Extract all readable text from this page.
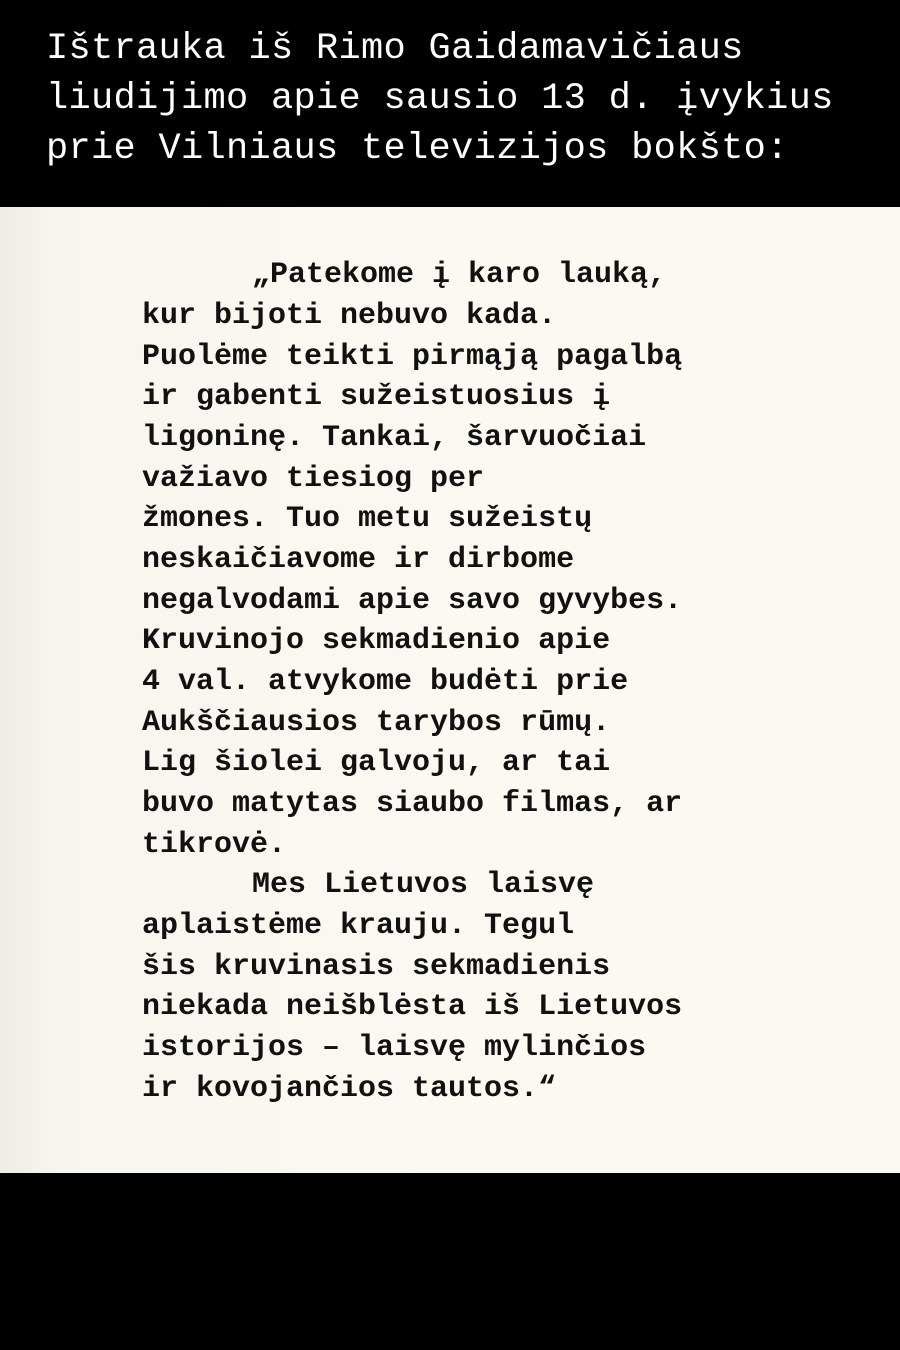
Ištrauka iš Rimo Gaidamavičiaus
liudijimo apie sausio 13 d. įvykius
prie Vilniaus televizijos bokšto:
„Patekome į karo lauką,
kur bijoti nebuvo kada.
Puolėme teikti pirmąją pagalbą
ir gabenti sužeistuosius į
ligoninę. Tankai, šarvuočiai
važiavo tiesiog per
žmones. Tuo metu sužeistų
neskaičiavome ir dirbome
negalvodami apie savo gyvybes.
Kruvinojo sekmadienio apie
4 val. atvykome budėti prie
Aukščiausios tarybos rūmų.
Lig šiolei galvoju, ar tai
buvo matytas siaubo filmas, ar
tikrovė.
Mes Lietuvos laisvę
aplaistėme krauju. Tegul
šis kruvinasis sekmadienis
niekada neišblėsta iš Lietuvos
istorijos – laisvę mylinčios
ir kovojančios tautos.“
